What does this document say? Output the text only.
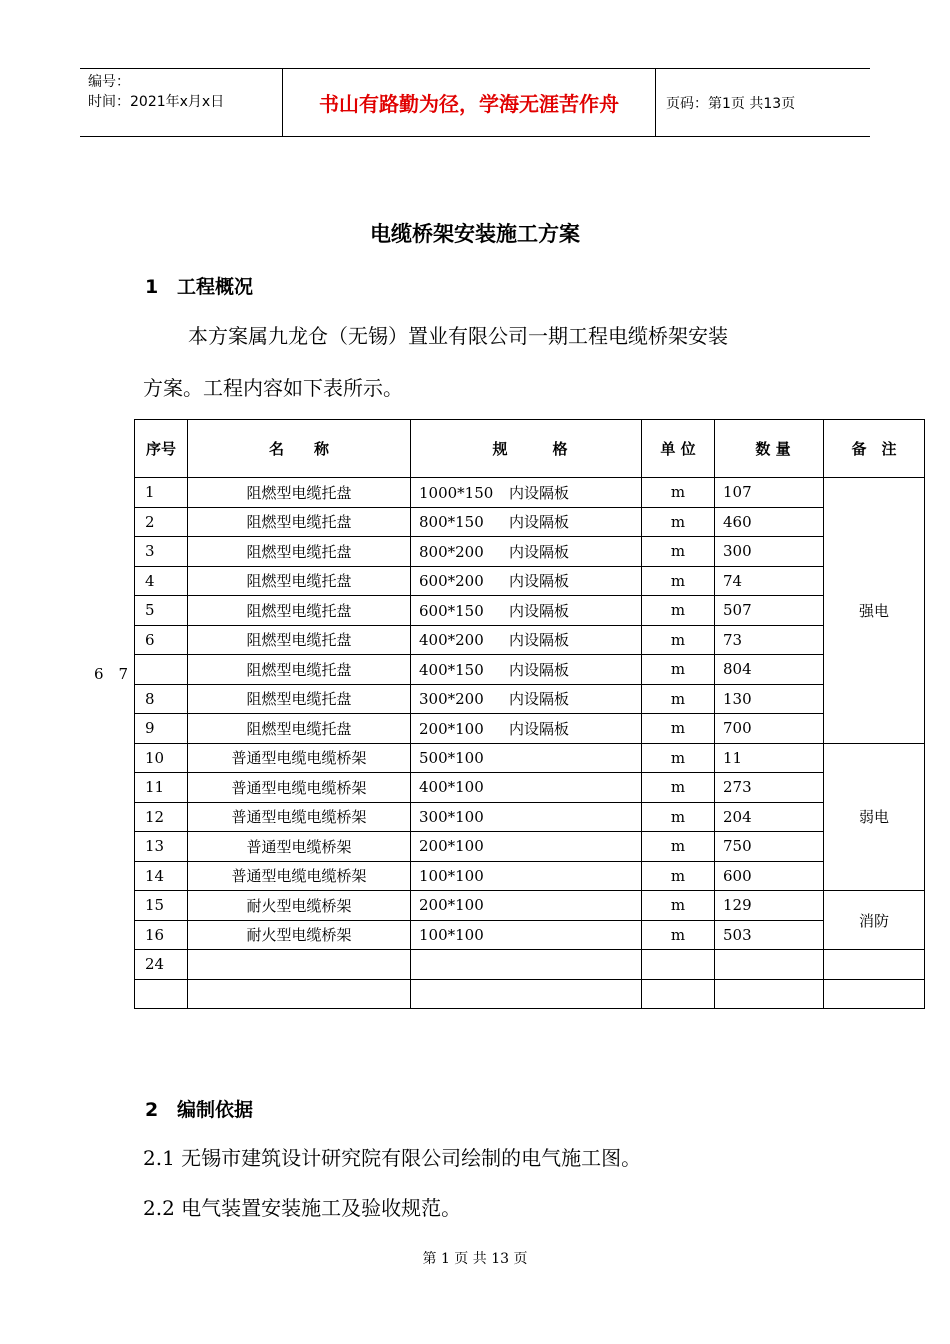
编号：
时间：2021年x月x日	书山有路勤为径，学海无涯苦作舟	页码：第1页 共13页
电缆桥架安装施工方案
1 工程概况
本方案属九龙仓（无锡）置业有限公司一期工程电缆桥架安装
方案。工程内容如下表所示。
序号	名　　称	规　　　格	单 位	数 量	备　注
1	阻燃型电缆托盘	1000*150 内设隔板	m	107	强电
2	阻燃型电缆托盘	800*150 内设隔板	m	460	
3	阻燃型电缆托盘	800*200 内设隔板	m	300	
4	阻燃型电缆托盘	600*200 内设隔板	m	74	
5	阻燃型电缆托盘	600*150 内设隔板	m	507	
6	阻燃型电缆托盘	400*200 内设隔板	m	73	
	阻燃型电缆托盘	400*150 内设隔板	m	804	
8	阻燃型电缆托盘	300*200 内设隔板	m	130	
9	阻燃型电缆托盘	200*100 内设隔板	m	700	
10	普通型电缆电缆桥架	500*100	m	11	弱电
11	普通型电缆电缆桥架	400*100	m	273	
12	普通型电缆电缆桥架	300*100	m	204	
13	普通型电缆桥架	200*100	m	750	
14	普通型电缆电缆桥架	100*100	m	600	
15	耐火型电缆桥架	200*100	m	129	消防
16	耐火型电缆桥架	100*100	m	503	
24					

6　7
2 编制依据
2.1 无锡市建筑设计研究院有限公司绘制的电气施工图。
2.2 电气装置安装施工及验收规范。
第 1 页 共 13 页
